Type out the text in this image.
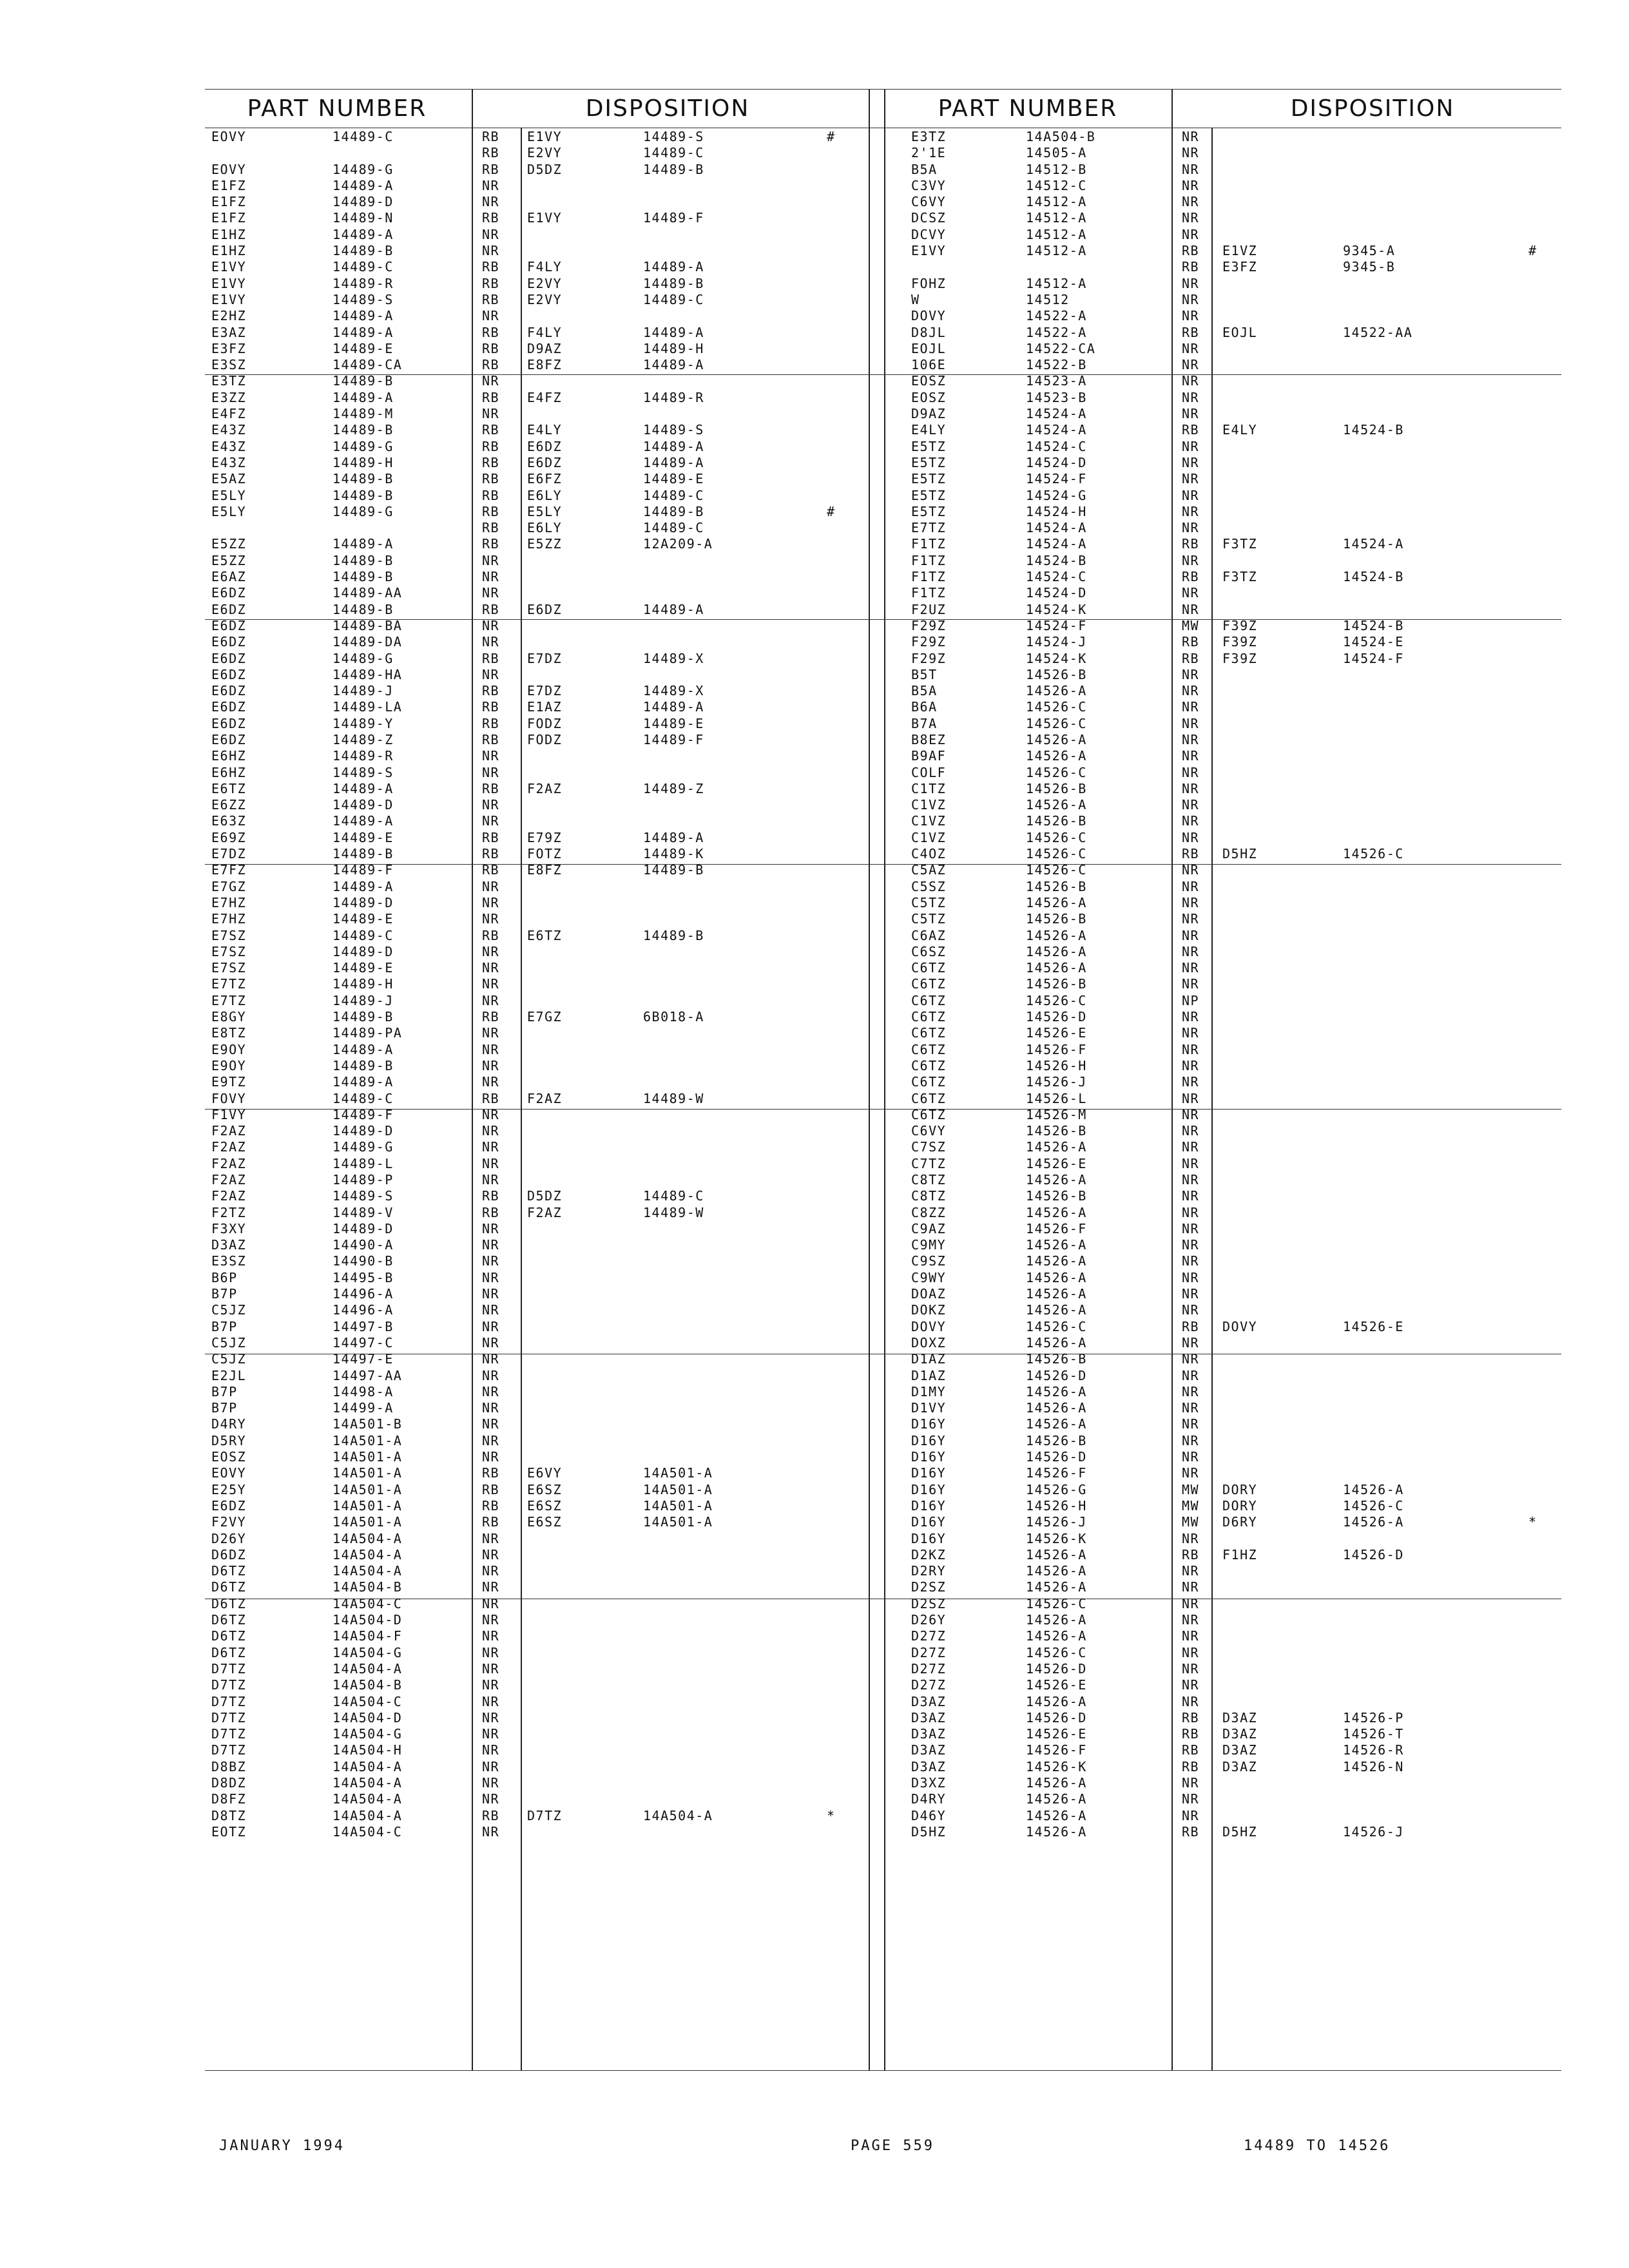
PART NUMBER	DISPOSITION	PART NUMBER	DISPOSITION
EOVY	14489-C	RB E1VY	14489-S	#
RB E2VY	14489-C
EOVY	14489-G	RB D5DZ	14489-B
E1FZ	14489-A	NR
E1FZ	14489-D	NR
E1FZ	14489-N	RB E1VY	14489-F
E1HZ	14489-A	NR
E1HZ	14489-B	NR
E1VY	14489-C	RB F4LY	14489-A
E1VY	14489-R	RB E2VY	14489-B
E1VY	14489-S	RB E2VY	14489-C
E2HZ	14489-A	NR
E3AZ	14489-A	RB F4LY	14489-A
E3FZ	14489-E	RB D9AZ	14489-H
E3SZ	14489-CA	RB E8FZ	14489-A
E3TZ	14489-B	NR
E3ZZ	14489-A	RB E4FZ	14489-R
E4FZ	14489-M	NR
E43Z	14489-B	RB E4LY	14489-S
E43Z	14489-G	RB E6DZ	14489-A
E43Z	14489-H	RB E6DZ	14489-A
E5AZ	14489-B	RB E6FZ	14489-E
E5LY	14489-B	RB E6LY	14489-C
E5LY	14489-G	RB E5LY	14489-B	#
RB E6LY	14489-C
E5ZZ	14489-A	RB E5ZZ	12A209-A
E5ZZ	14489-B	NR
E6AZ	14489-B	NR
E6DZ	14489-AA	NR
E6DZ	14489-B	RB E6DZ	14489-A
E6DZ	14489-BA	NR
E6DZ	14489-DA	NR
E6DZ	14489-G	RB E7DZ	14489-X
E6DZ	14489-HA	NR
E6DZ	14489-J	RB E7DZ	14489-X
E6DZ	14489-LA	RB E1AZ	14489-A
E6DZ	14489-Y	RB FODZ	14489-E
E6DZ	14489-Z	RB FODZ	14489-F
E6HZ	14489-R	NR
E6HZ	14489-S	NR
E6TZ	14489-A	RB F2AZ	14489-Z
E6ZZ	14489-D	NR
E63Z	14489-A	NR
E69Z	14489-E	RB E79Z	14489-A
E7DZ	14489-B	RB FOTZ	14489-K
E7FZ	14489-F	RB E8FZ	14489-B
E7GZ	14489-A	NR
E7HZ	14489-D	NR
E7HZ	14489-E	NR
E7SZ	14489-C	RB E6TZ	14489-B
E7SZ	14489-D	NR
E7SZ	14489-E	NR
E7TZ	14489-H	NR
E7TZ	14489-J	NR
E8GY	14489-B	RB E7GZ	6B018-A
E8TZ	14489-PA	NR
E9OY	14489-A	NR
E9OY	14489-B	NR
E9TZ	14489-A	NR
FOVY	14489-C	RB F2AZ	14489-W
F1VY	14489-F	NR
F2AZ	14489-D	NR
F2AZ	14489-G	NR
F2AZ	14489-L	NR
F2AZ	14489-P	NR
F2AZ	14489-S	RB D5DZ	14489-C
F2TZ	14489-V	RB F2AZ	14489-W
F3XY	14489-D	NR
D3AZ	14490-A	NR
E3SZ	14490-B	NR
B6P	14495-B	NR
B7P	14496-A	NR
C5JZ	14496-A	NR
B7P	14497-B	NR
C5JZ	14497-C	NR
C5JZ	14497-E	NR
E2JL	14497-AA	NR
B7P	14498-A	NR
B7P	14499-A	NR
D4RY	14A501-B	NR
D5RY	14A501-A	NR
EOSZ	14A501-A	NR
EOVY	14A501-A	RB E6VY	14A501-A
E25Y	14A501-A	RB E6SZ	14A501-A
E6DZ	14A501-A	RB E6SZ	14A501-A
F2VY	14A501-A	RB E6SZ	14A501-A
D26Y	14A504-A	NR
D6DZ	14A504-A	NR
D6TZ	14A504-A	NR
D6TZ	14A504-B	NR
D6TZ	14A504-C	NR
D6TZ	14A504-D	NR
D6TZ	14A504-F	NR
D6TZ	14A504-G	NR
D7TZ	14A504-A	NR
D7TZ	14A504-B	NR
D7TZ	14A504-C	NR
D7TZ	14A504-D	NR
D7TZ	14A504-G	NR
D7TZ	14A504-H	NR
D8BZ	14A504-A	NR
D8DZ	14A504-A	NR
D8FZ	14A504-A	NR
D8TZ	14A504-A	RB D7TZ	14A504-A	*
EOTZ	14A504-C	NR
E3TZ	14A504-B	NR
2'1E	14505-A	NR
B5A	14512-B	NR
C3VY	14512-C	NR
C6VY	14512-A	NR
DCSZ	14512-A	NR
DCVY	14512-A	NR
E1VY	14512-A	RB E1VZ	9345-A	#
RB E3FZ	9345-B
FOHZ	14512-A	NR
W	14512	NR
DOVY	14522-A	NR
D8JL	14522-A	RB EOJL	14522-AA
EOJL	14522-CA	NR
106E	14522-B	NR
EOSZ	14523-A	NR
EOSZ	14523-B	NR
D9AZ	14524-A	NR
E4LY	14524-A	RB E4LY	14524-B
E5TZ	14524-C	NR
E5TZ	14524-D	NR
E5TZ	14524-F	NR
E5TZ	14524-G	NR
E5TZ	14524-H	NR
E7TZ	14524-A	NR
F1TZ	14524-A	RB F3TZ	14524-A
F1TZ	14524-B	NR
F1TZ	14524-C	RB F3TZ	14524-B
F1TZ	14524-D	NR
F2UZ	14524-K	NR
F29Z	14524-F	MW F39Z	14524-B
F29Z	14524-J	RB F39Z	14524-E
F29Z	14524-K	RB F39Z	14524-F
B5T	14526-B	NR
B5A	14526-A	NR
B6A	14526-C	NR
B7A	14526-C	NR
B8EZ	14526-A	NR
B9AF	14526-A	NR
COLF	14526-C	NR
C1TZ	14526-B	NR
C1VZ	14526-A	NR
C1VZ	14526-B	NR
C1VZ	14526-C	NR
C4OZ	14526-C	RB D5HZ	14526-C
C5AZ	14526-C	NR
C5SZ	14526-B	NR
C5TZ	14526-A	NR
C5TZ	14526-B	NR
C6AZ	14526-A	NR
C6SZ	14526-A	NR
C6TZ	14526-A	NR
C6TZ	14526-B	NR
C6TZ	14526-C	NP
C6TZ	14526-D	NR
C6TZ	14526-E	NR
C6TZ	14526-F	NR
C6TZ	14526-H	NR
C6TZ	14526-J	NR
C6TZ	14526-L	NR
C6TZ	14526-M	NR
C6VY	14526-B	NR
C7SZ	14526-A	NR
C7TZ	14526-E	NR
C8TZ	14526-A	NR
C8TZ	14526-B	NR
C8ZZ	14526-A	NR
C9AZ	14526-F	NR
C9MY	14526-A	NR
C9SZ	14526-A	NR
C9WY	14526-A	NR
DOAZ	14526-A	NR
DOKZ	14526-A	NR
DOVY	14526-C	RB DOVY	14526-E
DOXZ	14526-A	NR
D1AZ	14526-B	NR
D1AZ	14526-D	NR
D1MY	14526-A	NR
D1VY	14526-A	NR
D16Y	14526-A	NR
D16Y	14526-B	NR
D16Y	14526-D	NR
D16Y	14526-F	NR
D16Y	14526-G	MW DORY	14526-A
D16Y	14526-H	MW DORY	14526-C
D16Y	14526-J	MW D6RY	14526-A	*
D16Y	14526-K	NR
D2KZ	14526-A	RB F1HZ	14526-D
D2RY	14526-A	NR
D2SZ	14526-A	NR
D2SZ	14526-C	NR
D26Y	14526-A	NR
D27Z	14526-A	NR
D27Z	14526-C	NR
D27Z	14526-D	NR
D27Z	14526-E	NR
D3AZ	14526-A	NR
D3AZ	14526-D	RB D3AZ	14526-P
D3AZ	14526-E	RB D3AZ	14526-T
D3AZ	14526-F	RB D3AZ	14526-R
D3AZ	14526-K	RB D3AZ	14526-N
D3XZ	14526-A	NR
D4RY	14526-A	NR
D46Y	14526-A	NR
D5HZ	14526-A	RB D5HZ	14526-J
JANUARY 1994	PAGE 559	14489 TO 14526
